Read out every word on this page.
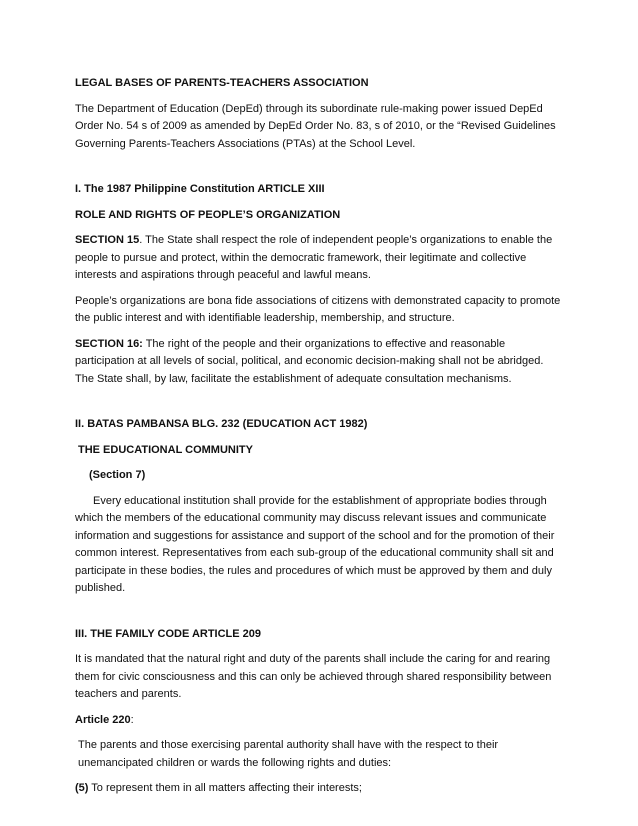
LEGAL BASES OF PARENTS-TEACHERS ASSOCIATION

The Department of Education (DepEd) through its subordinate rule-making power issued DepEd Order No. 54 s of 2009 as amended by DepEd Order No. 83, s of 2010, or the “Revised Guidelines Governing Parents-Teachers Associations (PTAs) at the School Level.

I. The 1987 Philippine Constitution ARTICLE XIII

ROLE AND RIGHTS OF PEOPLE’S ORGANIZATION

SECTION 15. The State shall respect the role of independent people’s organizations to enable the people to pursue and protect, within the democratic framework, their legitimate and collective interests and aspirations through peaceful and lawful means.

People’s organizations are bona fide associations of citizens with demonstrated capacity to promote the public interest and with identifiable leadership, membership, and structure.

SECTION 16: The right of the people and their organizations to effective and reasonable participation at all levels of social, political, and economic decision-making shall not be abridged. The State shall, by law, facilitate the establishment of adequate consultation mechanisms.

II. BATAS PAMBANSA BLG. 232 (EDUCATION ACT 1982)

THE EDUCATIONAL COMMUNITY

(Section 7)

Every educational institution shall provide for the establishment of appropriate bodies through which the members of the educational community may discuss relevant issues and communicate information and suggestions for assistance and support of the school and for the promotion of their common interest. Representatives from each sub-group of the educational community shall sit and participate in these bodies, the rules and procedures of which must be approved by them and duly published.

III. THE FAMILY CODE ARTICLE 209

It is mandated that the natural right and duty of the parents shall include the caring for and rearing them for civic consciousness and this can only be achieved through shared responsibility between teachers and parents.

Article 220:

The parents and those exercising parental authority shall have with the respect to their unemancipated children or wards the following rights and duties:

(5) To represent them in all matters affecting their interests;
